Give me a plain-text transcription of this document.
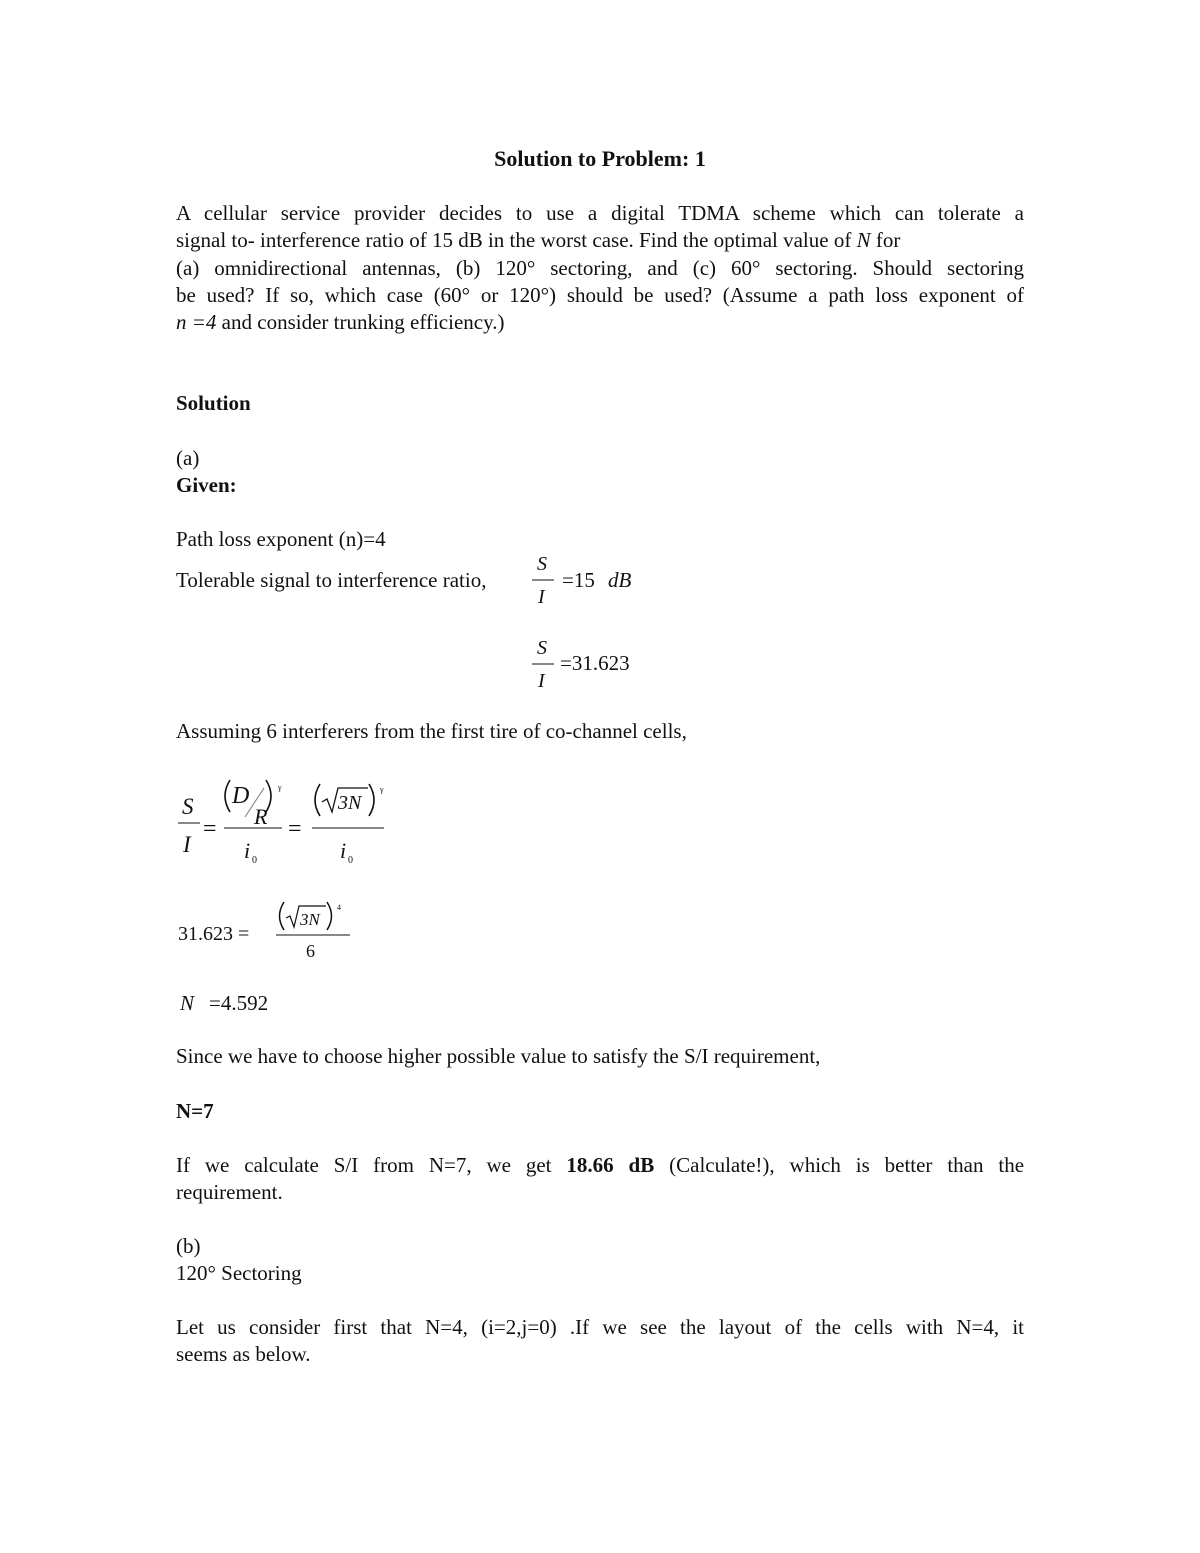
Solution to Problem: 1
A cellular service provider decides to use a digital TDMA scheme which can tolerate a
signal to- interference ratio of 15 dB in the worst case. Find the optimal value of N for
(a) omnidirectional antennas, (b) 120° sectoring, and (c) 60° sectoring. Should sectoring
be used? If so, which case (60° or 120°) should be used? (Assume a path loss exponent of
n =4 and consider trunking efficiency.)
Solution
(a)
Given:
Path loss exponent (n)=4
Tolerable signal to interference ratio,
S
I
=15 dB
S
I
=31.623
Assuming 6 interferers from the first tire of co-channel cells,
S
I
=
D
R
γ
i 0
=
3N
γ
i 0
31.623 =
3N
4
6
N =4.592
Since we have to choose higher possible value to satisfy the S/I requirement,
N=7
If we calculate S/I from N=7, we get 18.66 dB (Calculate!), which is better than the
requirement.
(b)
120° Sectoring
Let us consider first that N=4, (i=2,j=0) .If we see the layout of the cells with N=4, it
seems as below.
